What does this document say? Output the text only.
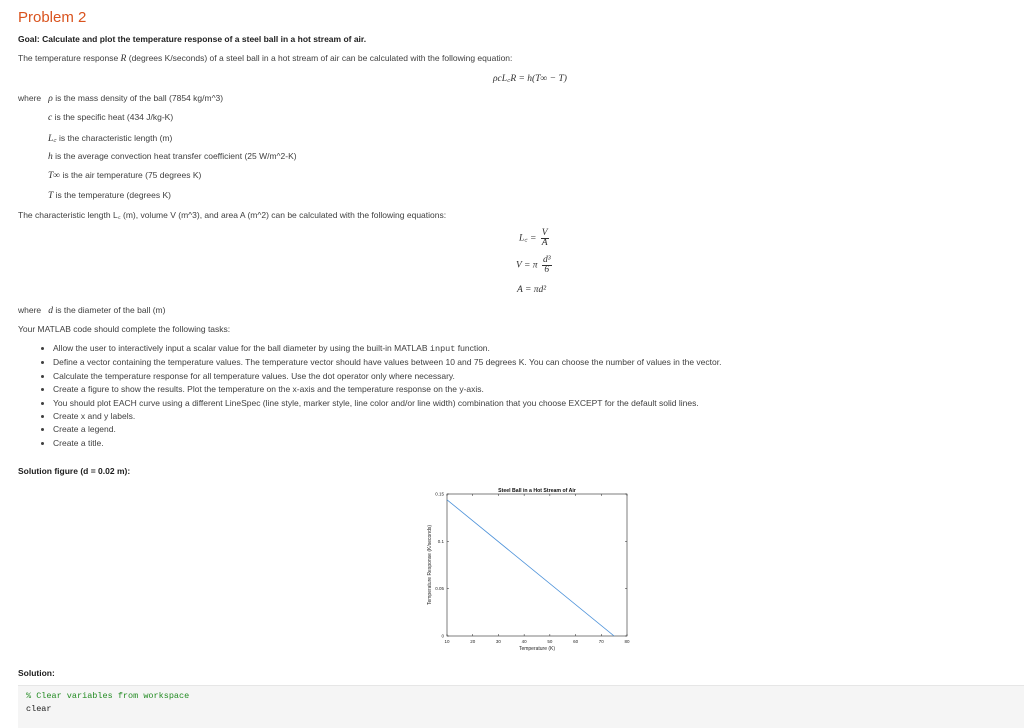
Problem 2
Goal: Calculate and plot the temperature response of a steel ball in a hot stream of air.
The temperature response R (degrees K/seconds) of a steel ball in a hot stream of air can be calculated with the following equation:
ρcL꜀R = h(T∞ − T)
where ρ is the mass density of the ball (7854 kg/m^3)
c is the specific heat (434 J/kg-K)
L꜀ is the characteristic length (m)
h is the average convection heat transfer coefficient (25 W/m^2-K)
T∞ is the air temperature (75 degrees K)
T is the temperature (degrees K)
The characteristic length L꜀ (m), volume V (m^3), and area A (m^2) can be calculated with the following equations:
L꜀ = $\frac{V}{A}$
V = π $\frac{\text{d³}}{6}$
A = πd²
where d is the diameter of the ball (m)
Your MATLAB code should complete the following tasks:
• Allow the user to interactively input a scalar value for the ball diameter by using the built-in MATLAB input function.
• Define a vector containing the temperature values. The temperature vector should have values between 10 and 75 degrees K. You can choose the number of values in the vector.
• Calculate the temperature response for all temperature values. Use the dot operator only where necessary.
• Create a figure to show the results. Plot the temperature on the x-axis and the temperature response on the y-axis.
• You should plot EACH curve using a different LineSpec (line style, marker style, line color and/or line width) combination that you choose EXCEPT for the default solid lines.
• Create x and y labels.
• Create a legend.
• Create a title.
Solution figure (d = 0.02 m):
10	20	30	40	50	60	70	80
0
0.05
0.1
0.15	Steel Ball in a Hot Stream of Air
Temperature (K)
Temperature Response (K/seconds)
Solution:
% Clear variables from workspace
clear
